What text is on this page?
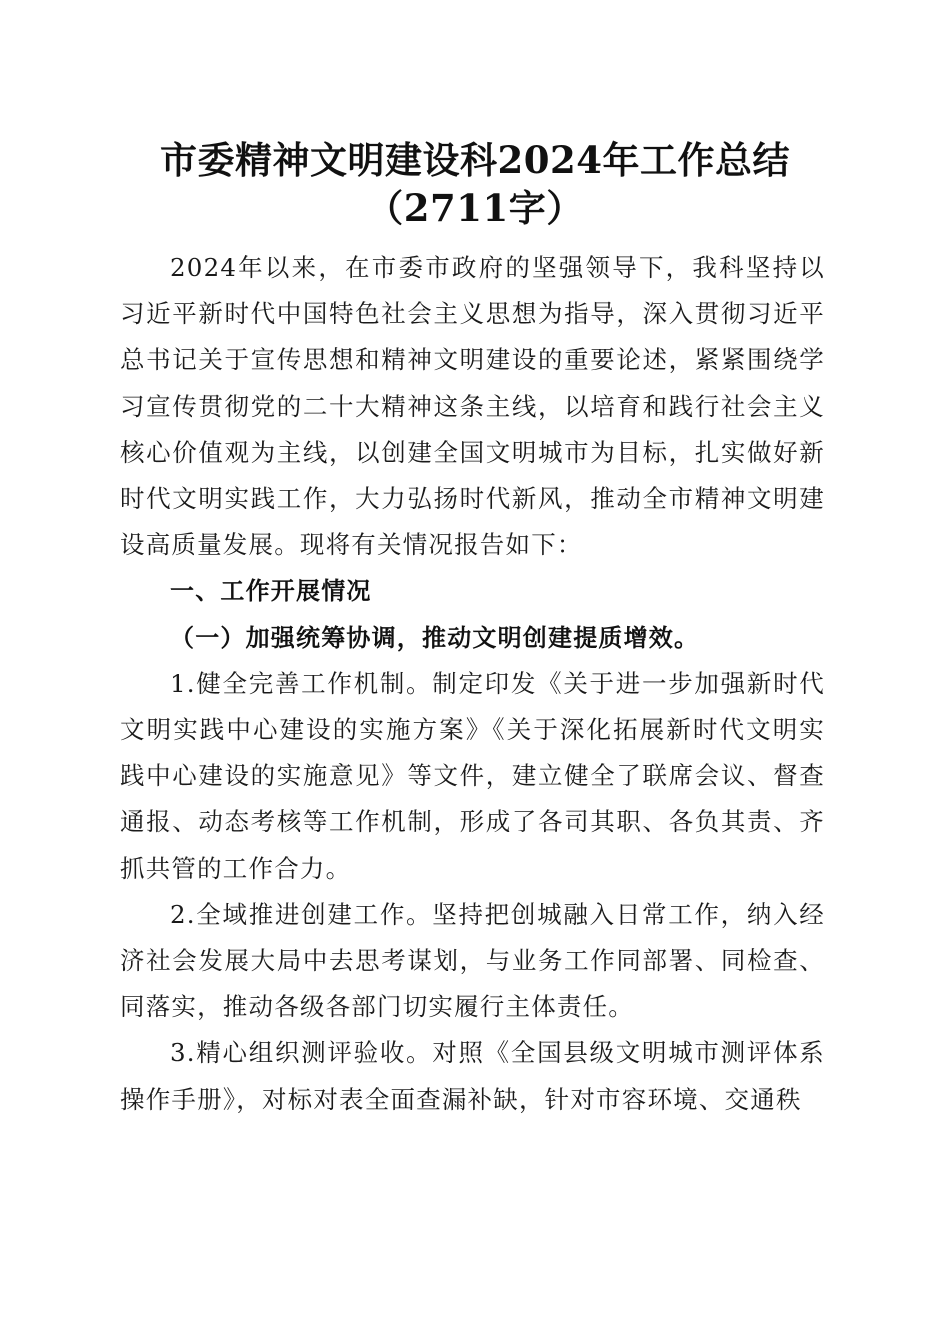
市委精神文明建设科2024年工作总结（2711字）

2024年以来，在市委市政府的坚强领导下，我科坚持以习近平新时代中国特色社会主义思想为指导，深入贯彻习近平总书记关于宣传思想和精神文明建设的重要论述，紧紧围绕学习宣传贯彻党的二十大精神这条主线，以培育和践行社会主义核心价值观为主线，以创建全国文明城市为目标，扎实做好新时代文明实践工作，大力弘扬时代新风，推动全市精神文明建设高质量发展。现将有关情况报告如下：

一、工作开展情况

（一）加强统筹协调，推动文明创建提质增效。

1.健全完善工作机制。制定印发《关于进一步加强新时代文明实践中心建设的实施方案》《关于深化拓展新时代文明实践中心建设的实施意见》等文件，建立健全了联席会议、督查通报、动态考核等工作机制，形成了各司其职、各负其责、齐抓共管的工作合力。

2.全域推进创建工作。坚持把创城融入日常工作，纳入经济社会发展大局中去思考谋划，与业务工作同部署、同检查、同落实，推动各级各部门切实履行主体责任。

3.精心组织测评验收。对照《全国县级文明城市测评体系操作手册》，对标对表全面查漏补缺，针对市容环境、交通秩
